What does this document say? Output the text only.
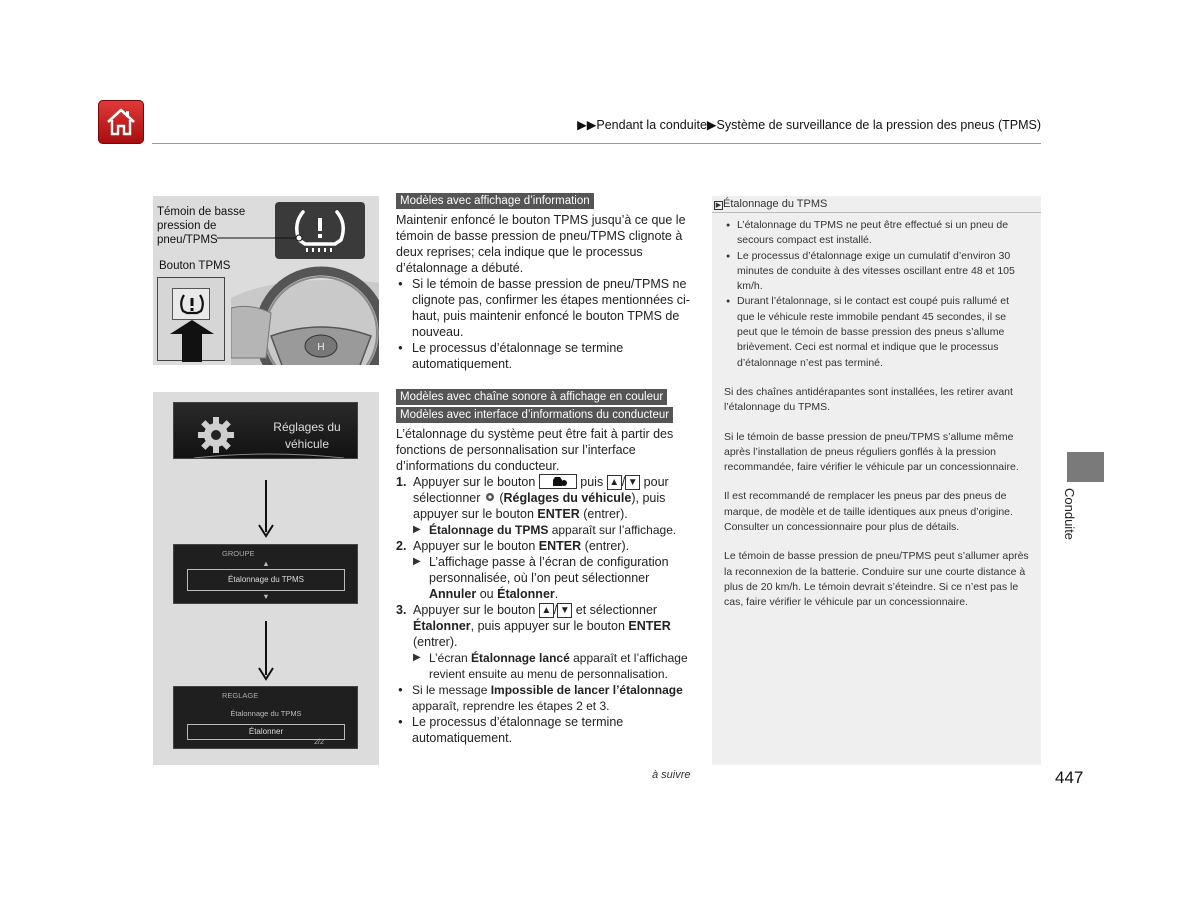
▶▶Pendant la conduite▶Système de surveillance de la pression des pneus (TPMS)
H
Témoin de basse
pression de
pneu/TPMS
Bouton TPMS
Réglages du
véhicule
GROUPE
▲
Étalonnage du TPMS
▼
REGLAGE
Étalonnage du TPMS
Étalonner
2/2
Modèles avec affichage d’information

Maintenir enfoncé le bouton TPMS jusqu’à ce que le témoin de basse pression de pneu/TPMS clignote à deux reprises; cela indique que le processus d’étalonnage a débuté.

● Si le témoin de basse pression de pneu/TPMS ne clignote pas, confirmer les étapes mentionnées ci-haut, puis maintenir enfoncé le bouton TPMS de nouveau.

● Le processus d’étalonnage se termine automatiquement.

Modèles avec chaîne sonore à affichage en couleur
Modèles avec interface d’informations du conducteur

L’étalonnage du système peut être fait à partir des fonctions de personnalisation sur l’interface d’informations du conducteur.

1. Appuyer sur le bouton	puis ▲ / ▼ pour sélectionner  (Réglages du véhicule), puis appuyer sur le bouton ENTER (entrer).

▶ Étalonnage du TPMS apparaît sur l’affichage.

2. Appuyer sur le bouton ENTER (entrer).

▶ L’affichage passe à l’écran de configuration personnalisée, où l’on peut sélectionner Annuler ou Étalonner.

3. Appuyer sur le bouton ▲ / ▼ et sélectionner Étalonner, puis appuyer sur le bouton ENTER (entrer).

▶ L’écran Étalonnage lancé apparaît et l’affichage revient ensuite au menu de personnalisation.

● Si le message Impossible de lancer l’étalonnage apparaît, reprendre les étapes 2 et 3.

● Le processus d’étalonnage se termine automatiquement.

▶ Étalonnage du TPMS
● L’étalonnage du TPMS ne peut être effectué si un pneu de secours compact est installé.
● Le processus d’étalonnage exige un cumulatif d’environ 30 minutes de conduite à des vitesses oscillant entre 48 et 105 km/h.
● Durant l’étalonnage, si le contact est coupé puis rallumé et que le véhicule reste immobile pendant 45 secondes, il se peut que le témoin de basse pression des pneus s’allume brièvement. Ceci est normal et indique que le processus d’étalonnage n’est pas terminé.

Si des chaînes antidérapantes sont installées, les retirer avant l’étalonnage du TPMS.

Si le témoin de basse pression de pneu/TPMS s’allume même après l’installation de pneus réguliers gonflés à la pression recommandée, faire vérifier le véhicule par un concessionnaire.

Il est recommandé de remplacer les pneus par des pneus de marque, de modèle et de taille identiques aux pneus d’origine. Consulter un concessionnaire pour plus de détails.

Le témoin de basse pression de pneu/TPMS peut s’allumer après la reconnexion de la batterie. Conduire sur une courte distance à plus de 20 km/h. Le témoin devrait s’éteindre. Si ce n’est pas le cas, faire vérifier le véhicule par un concessionnaire.

Conduite
à suivre	447
